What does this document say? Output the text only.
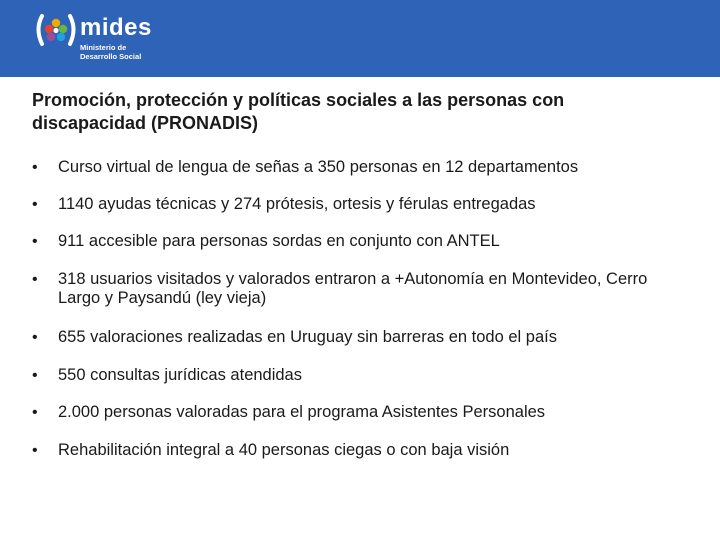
mides
Ministerio de
Desarrollo Social
Promoción, protección y políticas sociales a las personas con discapacidad (PRONADIS)
• Curso virtual de lengua de señas a 350 personas en 12 departamentos
• 1140 ayudas técnicas y 274 prótesis, ortesis y férulas entregadas
• 911 accesible para personas sordas en conjunto con ANTEL
• 318 usuarios visitados y valorados entraron a +Autonomía en Montevideo, Cerro Largo y Paysandú (ley vieja)
• 655 valoraciones realizadas en Uruguay sin barreras en todo el país
• 550 consultas jurídicas atendidas
• 2.000 personas valoradas para el programa Asistentes Personales
• Rehabilitación integral a 40 personas ciegas o con baja visión
